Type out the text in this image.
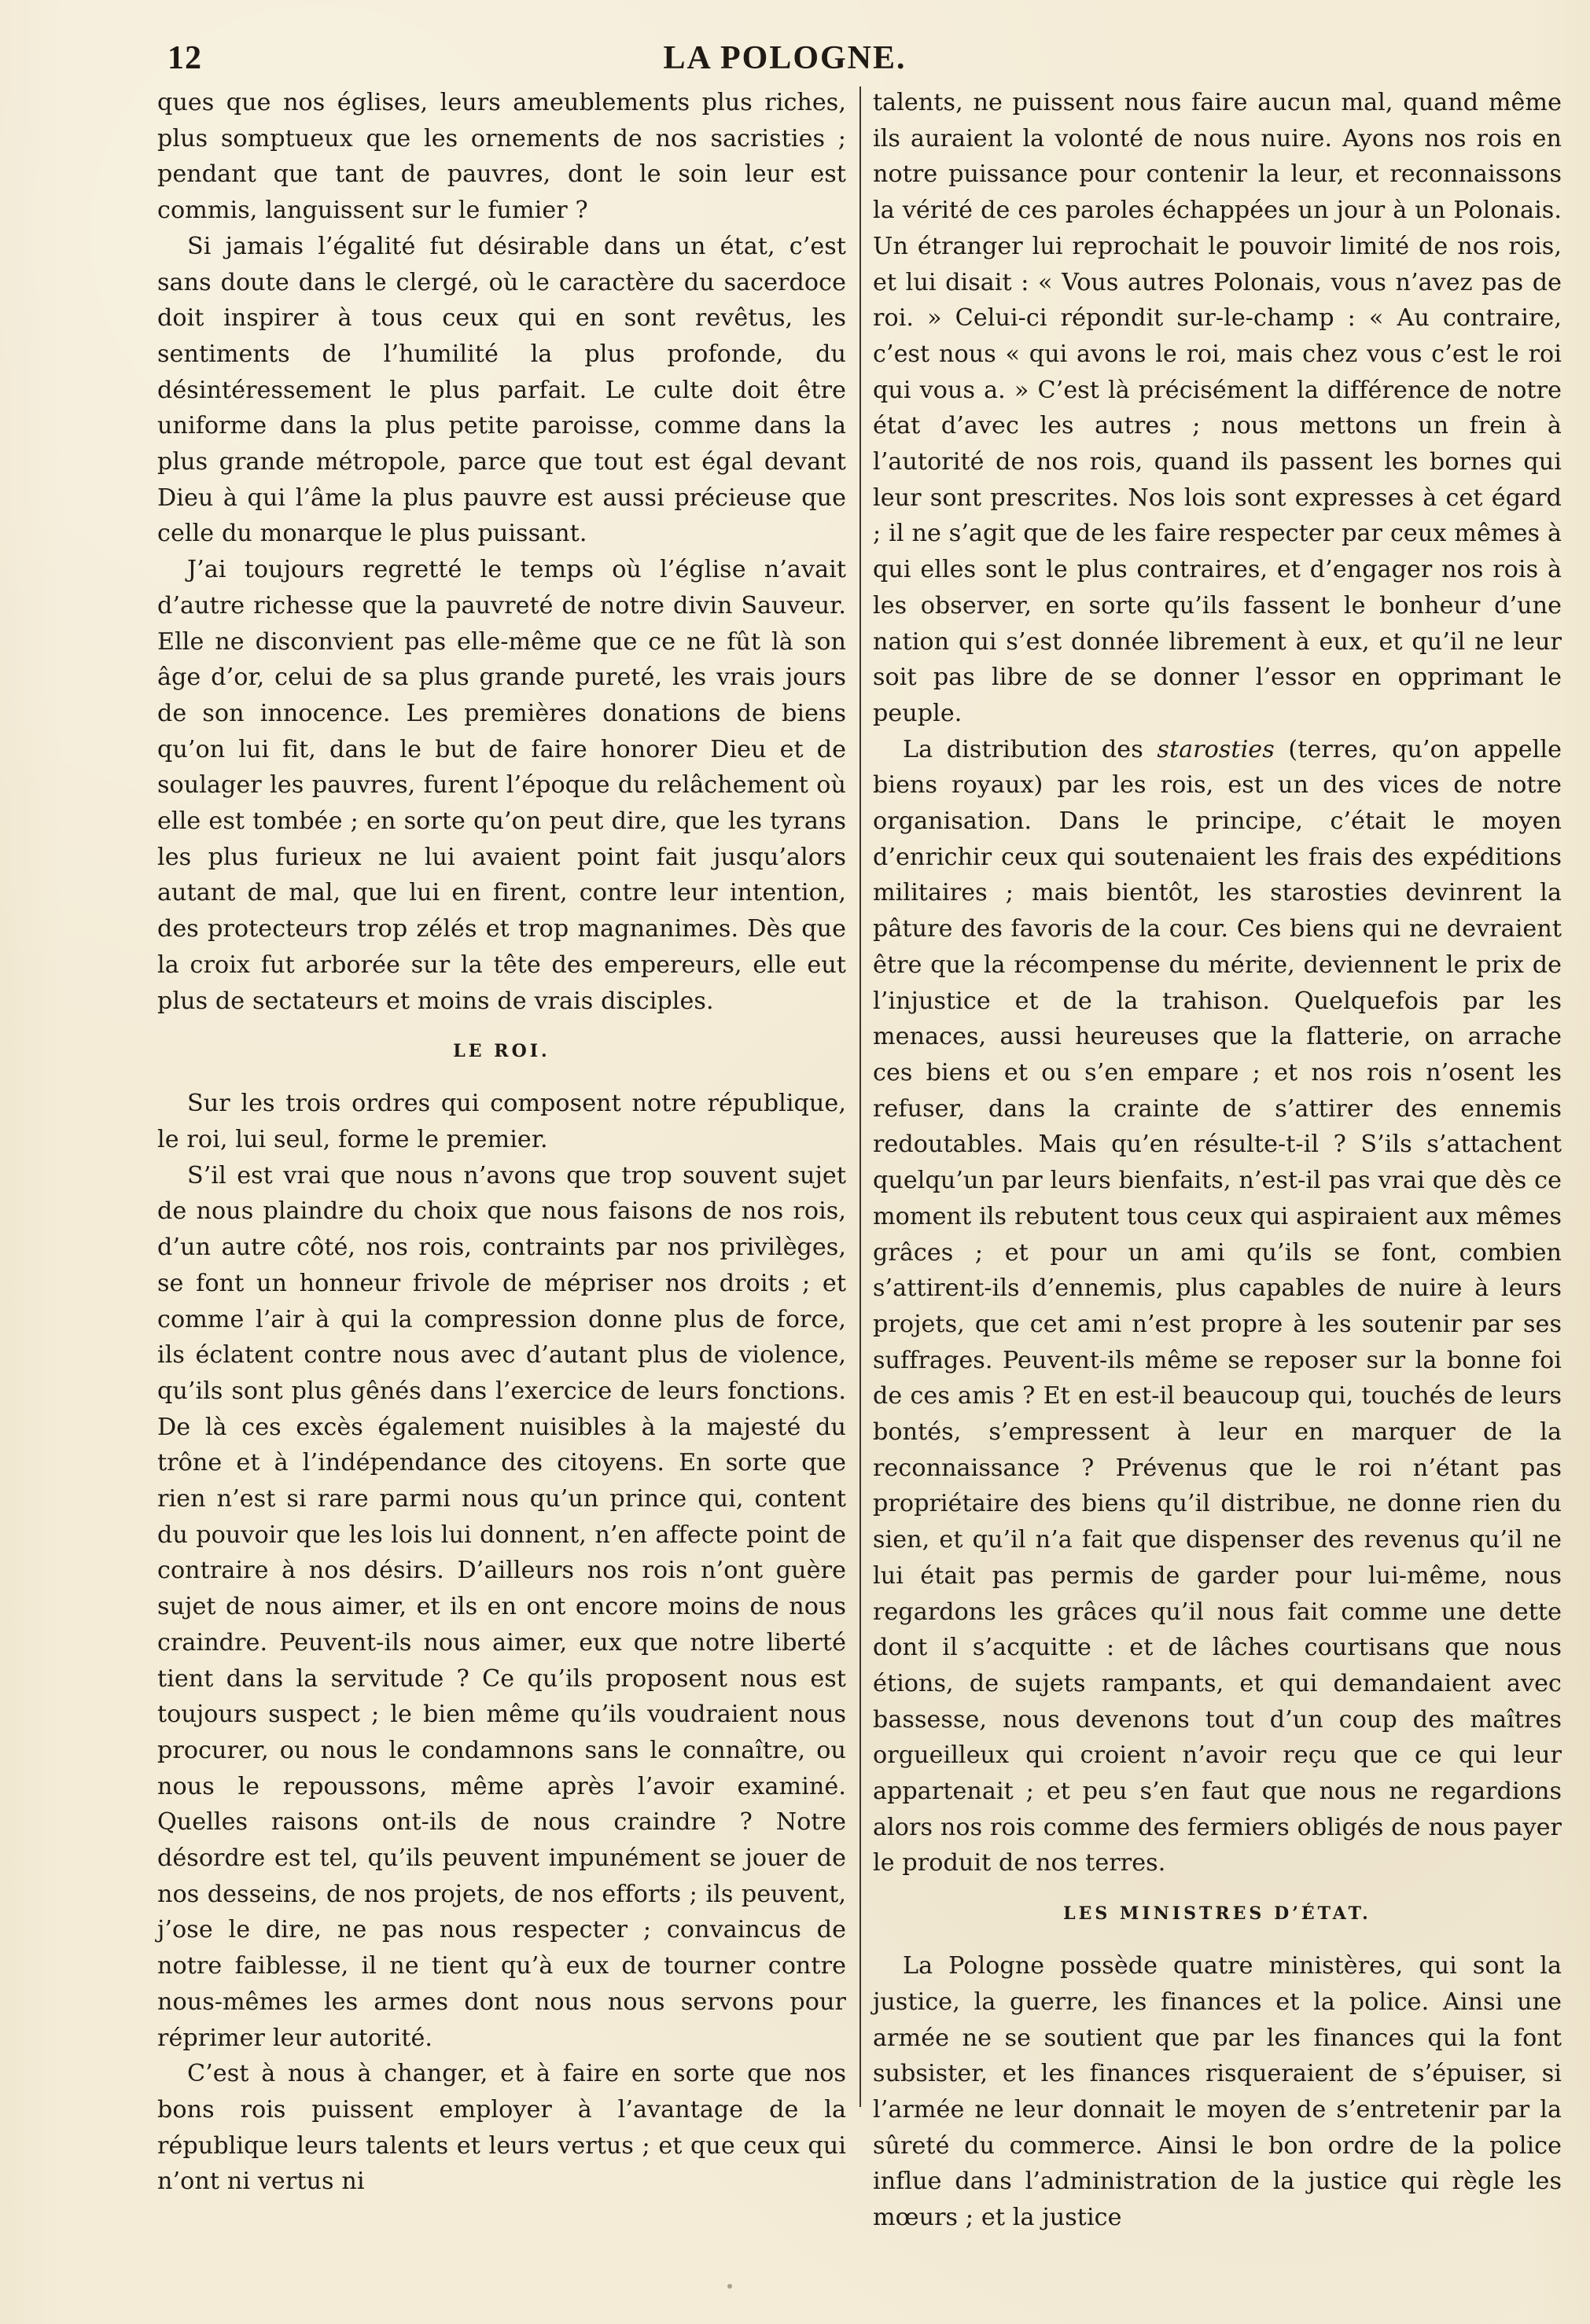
12	LA POLOGNE.

ques que nos églises, leurs ameublements plus riches, plus somptueux que les ornements de nos sacristies ; pendant que tant de pauvres, dont le soin leur est commis, languissent sur le fumier ?

Si jamais l’égalité fut désirable dans un état, c’est sans doute dans le clergé, où le caractère du sacerdoce doit inspirer à tous ceux qui en sont revêtus, les sentiments de l’humilité la plus profonde, du désintéressement le plus parfait. Le culte doit être uniforme dans la plus petite paroisse, comme dans la plus grande métropole, parce que tout est égal devant Dieu à qui l’âme la plus pauvre est aussi précieuse que celle du monarque le plus puissant.

J’ai toujours regretté le temps où l’église n’avait d’autre richesse que la pauvreté de notre divin Sauveur. Elle ne disconvient pas elle-même que ce ne fût là son âge d’or, celui de sa plus grande pureté, les vrais jours de son innocence. Les premières donations de biens qu’on lui fit, dans le but de faire honorer Dieu et de soulager les pauvres, furent l’époque du relâchement où elle est tombée ; en sorte qu’on peut dire, que les tyrans les plus furieux ne lui avaient point fait jusqu’alors autant de mal, que lui en firent, contre leur intention, des protecteurs trop zélés et trop magnanimes. Dès que la croix fut arborée sur la tête des empereurs, elle eut plus de sectateurs et moins de vrais disciples.

LE ROI.

Sur les trois ordres qui composent notre république, le roi, lui seul, forme le premier.

S’il est vrai que nous n’avons que trop souvent sujet de nous plaindre du choix que nous faisons de nos rois, d’un autre côté, nos rois, contraints par nos privilèges, se font un honneur frivole de mépriser nos droits ; et comme l’air à qui la compression donne plus de force, ils éclatent contre nous avec d’autant plus de violence, qu’ils sont plus gênés dans l’exercice de leurs fonctions. De là ces excès également nuisibles à la majesté du trône et à l’indépendance des citoyens. En sorte que rien n’est si rare parmi nous qu’un prince qui, content du pouvoir que les lois lui donnent, n’en affecte point de contraire à nos désirs. D’ailleurs nos rois n’ont guère sujet de nous aimer, et ils en ont encore moins de nous craindre. Peuvent-ils nous aimer, eux que notre liberté tient dans la servitude ? Ce qu’ils proposent nous est toujours suspect ; le bien même qu’ils voudraient nous procurer, ou nous le condamnons sans le connaître, ou nous le repoussons, même après l’avoir examiné. Quelles raisons ont-ils de nous craindre ? Notre désordre est tel, qu’ils peuvent impunément se jouer de nos desseins, de nos projets, de nos efforts ; ils peuvent, j’ose le dire, ne pas nous respecter ; convaincus de notre faiblesse, il ne tient qu’à eux de tourner contre nous-mêmes les armes dont nous nous servons pour réprimer leur autorité.

C’est à nous à changer, et à faire en sorte que nos bons rois puissent employer à l’avantage de la république leurs talents et leurs vertus ; et que ceux qui n’ont ni vertus ni

talents, ne puissent nous faire aucun mal, quand même ils auraient la volonté de nous nuire. Ayons nos rois en notre puissance pour contenir la leur, et reconnaissons la vérité de ces paroles échappées un jour à un Polonais. Un étranger lui reprochait le pouvoir limité de nos rois, et lui disait : « Vous autres Polonais, vous n’avez pas de roi. » Celui-ci répondit sur-le-champ : « Au contraire, c’est nous « qui avons le roi, mais chez vous c’est le roi qui vous a. » C’est là précisément la différence de notre état d’avec les autres ; nous mettons un frein à l’autorité de nos rois, quand ils passent les bornes qui leur sont prescrites. Nos lois sont expresses à cet égard ; il ne s’agit que de les faire respecter par ceux mêmes à qui elles sont le plus contraires, et d’engager nos rois à les observer, en sorte qu’ils fassent le bonheur d’une nation qui s’est donnée librement à eux, et qu’il ne leur soit pas libre de se donner l’essor en opprimant le peuple.

La distribution des starosties (terres, qu’on appelle biens royaux) par les rois, est un des vices de notre organisation. Dans le principe, c’était le moyen d’enrichir ceux qui soutenaient les frais des expéditions militaires ; mais bientôt, les starosties devinrent la pâture des favoris de la cour. Ces biens qui ne devraient être que la récompense du mérite, deviennent le prix de l’injustice et de la trahison. Quelquefois par les menaces, aussi heureuses que la flatterie, on arrache ces biens et ou s’en empare ; et nos rois n’osent les refuser, dans la crainte de s’attirer des ennemis redoutables. Mais qu’en résulte-t-il ? S’ils s’attachent quelqu’un par leurs bienfaits, n’est-il pas vrai que dès ce moment ils rebutent tous ceux qui aspiraient aux mêmes grâces ; et pour un ami qu’ils se font, combien s’attirent-ils d’ennemis, plus capables de nuire à leurs projets, que cet ami n’est propre à les soutenir par ses suffrages. Peuvent-ils même se reposer sur la bonne foi de ces amis ? Et en est-il beaucoup qui, touchés de leurs bontés, s’empressent à leur en marquer de la reconnaissance ? Prévenus que le roi n’étant pas propriétaire des biens qu’il distribue, ne donne rien du sien, et qu’il n’a fait que dispenser des revenus qu’il ne lui était pas permis de garder pour lui-même, nous regardons les grâces qu’il nous fait comme une dette dont il s’acquitte : et de lâches courtisans que nous étions, de sujets rampants, et qui demandaient avec bassesse, nous devenons tout d’un coup des maîtres orgueilleux qui croient n’avoir reçu que ce qui leur appartenait ; et peu s’en faut que nous ne regardions alors nos rois comme des fermiers obligés de nous payer le produit de nos terres.

LES MINISTRES D’ÉTAT.

La Pologne possède quatre ministères, qui sont la justice, la guerre, les finances et la police. Ainsi une armée ne se soutient que par les finances qui la font subsister, et les finances risqueraient de s’épuiser, si l’armée ne leur donnait le moyen de s’entretenir par la sûreté du commerce. Ainsi le bon ordre de la police influe dans l’administration de la justice qui règle les mœurs ; et la justice
